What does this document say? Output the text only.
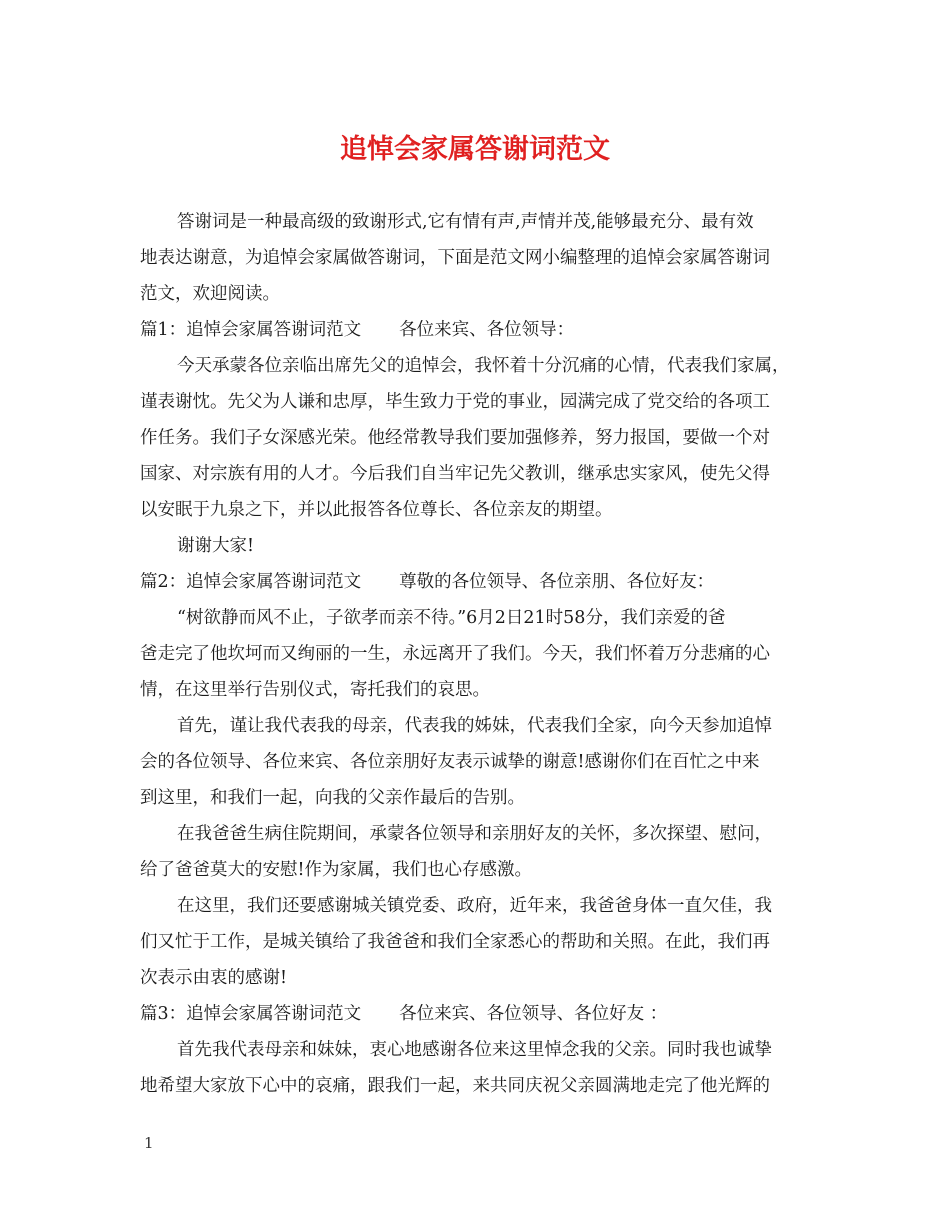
追悼会家属答谢词范文
答谢词是一种最高级的致谢形式,它有情有声,声情并茂,能够最充分、最有效
地表达谢意，为追悼会家属做答谢词，下面是范文网小编整理的追悼会家属答谢词
范文，欢迎阅读。
篇1：追悼会家属答谢词范文 各位来宾、各位领导：
今天承蒙各位亲临出席先父的追悼会，我怀着十分沉痛的心情，代表我们家属，
谨表谢忱。先父为人谦和忠厚，毕生致力于党的事业，园满完成了党交给的各项工
作任务。我们子女深感光荣。他经常教导我们要加强修养，努力报国，要做一个对
国家、对宗族有用的人才。今后我们自当牢记先父教训，继承忠实家风，使先父得
以安眠于九泉之下，并以此报答各位尊长、各位亲友的期望。
谢谢大家!
篇2：追悼会家属答谢词范文 尊敬的各位领导、各位亲朋、各位好友：
“树欲静而风不止，子欲孝而亲不待。”6月2日21时58分，我们亲爱的爸
爸走完了他坎坷而又绚丽的一生，永远离开了我们。今天，我们怀着万分悲痛的心
情，在这里举行告别仪式，寄托我们的哀思。
首先，谨让我代表我的母亲，代表我的姊妹，代表我们全家，向今天参加追悼
会的各位领导、各位来宾、各位亲朋好友表示诚挚的谢意!感谢你们在百忙之中来
到这里，和我们一起，向我的父亲作最后的告别。
在我爸爸生病住院期间，承蒙各位领导和亲朋好友的关怀，多次探望、慰问，
给了爸爸莫大的安慰!作为家属，我们也心存感激。
在这里，我们还要感谢城关镇党委、政府，近年来，我爸爸身体一直欠佳，我
们又忙于工作，是城关镇给了我爸爸和我们全家悉心的帮助和关照。在此，我们再
次表示由衷的感谢!
篇3：追悼会家属答谢词范文 各位来宾、各位领导、各位好友 ：
首先我代表母亲和妹妹，衷心地感谢各位来这里悼念我的父亲。同时我也诚挚
地希望大家放下心中的哀痛，跟我们一起，来共同庆祝父亲圆满地走完了他光辉的
1
